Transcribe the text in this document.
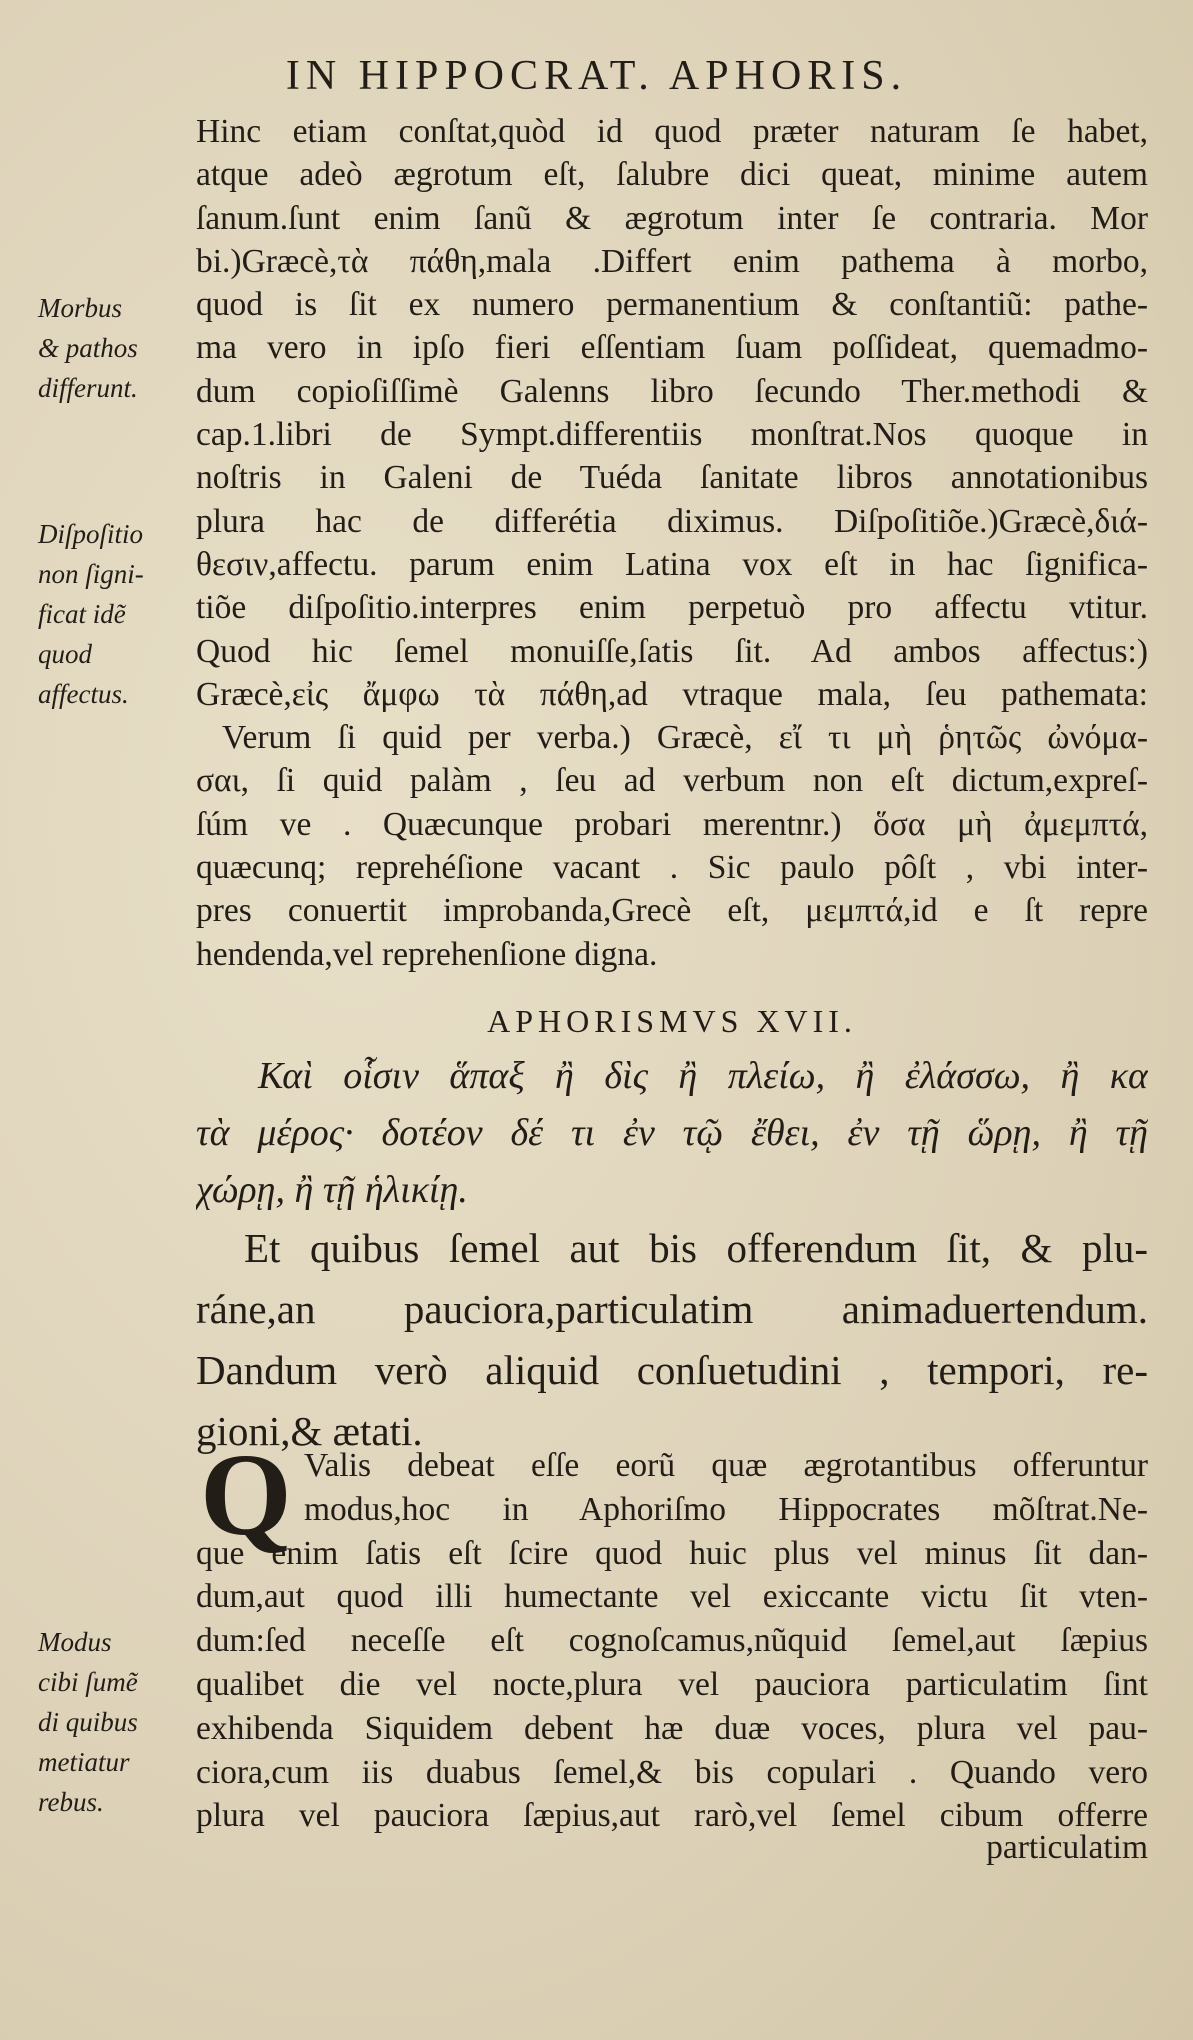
IN HIPPOCRAT. APHORIS.
Hinc etiam conſtat,quòd id quod præter naturam ſe habet,
atque adeò ægrotum eſt, ſalubre dici queat, minime autem
ſanum.ſunt enim ſanũ & ægrotum inter ſe contraria. Mor
bi.)Græcè,τὰ πάθη,mala .Differt enim pathema à morbo,
quod is ſit ex numero permanentium & conſtantiũ: pathe-
ma vero in ipſo fieri eſſentiam ſuam poſſideat, quemadmo-
dum copioſiſſimè Galenns libro ſecundo Ther.methodi &
cap.1.libri de Sympt.differentiis monſtrat.Nos quoque in
noſtris in Galeni de Tuéda ſanitate libros annotationibus
plura hac de differétia diximus. Diſpoſitiõe.)Græcè,διά-
θεσιν,affectu. parum enim Latina vox eſt in hac ſignifica-
tiõe diſpoſitio.interpres enim perpetuò pro affectu vtitur.
Quod hic ſemel monuiſſe,ſatis ſit. Ad ambos affectus:)
Græcè,εἰς ἄμφω τὰ πάθη,ad vtraque mala, ſeu pathemata:
Verum ſi quid per verba.) Græcè, εἴ τι μὴ ῥητῶς ὠνόμα-
σαι, ſi quid palàm , ſeu ad verbum non eſt dictum,expreſ-
ſúm ve . Quæcunque probari merentnr.) ὅσα μὴ ἀμεμπτά,
quæcunq; reprehéſione vacant . Sic paulo pôſt , vbi inter-
pres conuertit improbanda,Grecè eſt, μεμπτά,id e ſt repre
hendenda,vel reprehenſione digna.
APHORISMVS XVII.
Καὶ οἷσιν ἅπαξ ἢ δὶς ἢ πλείω, ἢ ἐλάσσω, ἢ κα
τὰ μέρος· δοτέον δέ τι ἐν τῷ ἔθει, ἐν τῇ ὥρῃ, ἢ τῇ
χώρῃ, ἢ τῇ ἡλικίῃ.
Et quibus ſemel aut bis offerendum ſit, & plu-
ráne,an pauciora,particulatim animaduertendum.
Dandum verò aliquid conſuetudini , tempori, re-
gioni,& ætati.
Q Valis debeat eſſe eorũ quæ ægrotantibus offeruntur
modus,hoc in Aphoriſmo Hippocrates mõſtrat.Ne-
que enim ſatis eſt ſcire quod huic plus vel minus ſit dan-
dum,aut quod illi humectante vel exiccante victu ſit vten-
dum:ſed neceſſe eſt cognoſcamus,nũquid ſemel,aut ſæpius
qualibet die vel nocte,plura vel pauciora particulatim ſint
exhibenda Siquidem debent hæ duæ voces, plura vel pau-
ciora,cum iis duabus ſemel,& bis copulari . Quando vero
plura vel pauciora ſæpius,aut rarò,vel ſemel cibum offerre
particulatim
Morbus
& pathos
differunt.
Diſpoſitio
non ſigni-
ficat idẽ
quod
affectus.
Modus
cibi ſumẽ
di quibus
metiatur
rebus.
